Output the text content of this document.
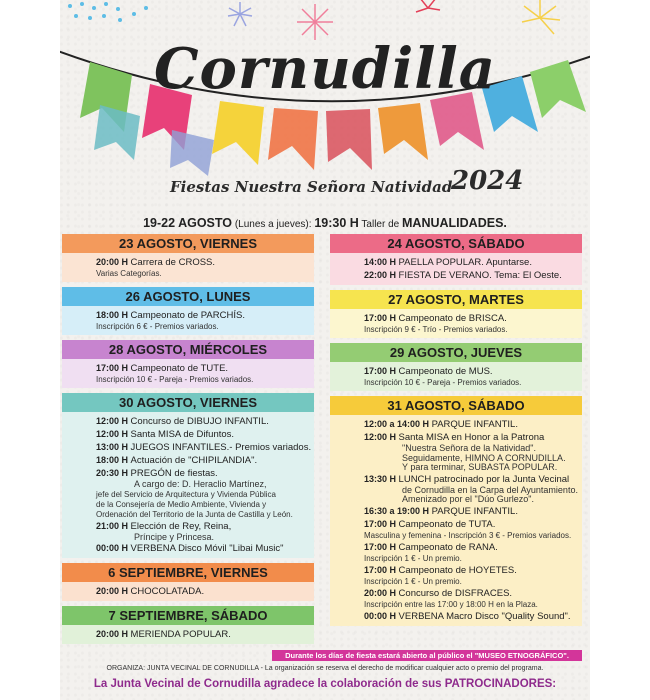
Cornudilla
Fiestas Nuestra Señora Natividad
2024
19-22 AGOSTO (Lunes a jueves): 19:30 H Taller de MANUALIDADES.
23 AGOSTO, VIERNES
20:00 H Carrera de CROSS.
Varias Categorías.
26 AGOSTO, LUNES
18:00 H Campeonato de PARCHÍS.
Inscripción 6 € - Premios variados.
28 AGOSTO, MIÉRCOLES
17:00 H Campeonato de TUTE.
Inscripción 10 € - Pareja - Premios variados.
30 AGOSTO, VIERNES
12:00 H Concurso de DIBUJO INFANTIL.
12:00 H Santa MISA de Difuntos.
13:00 H JUEGOS INFANTILES.- Premios variados.
18:00 H Actuación de "CHIPILANDIA".
20:30 H PREGÓN de fiestas.
A cargo de: D. Heraclio Martínez,
jefe del Servicio de Arquitectura y Vivienda Pública
de la Consejería de Medio Ambiente, Vivienda y
Ordenación del Territorio de la Junta de Castilla y León.
21:00 H Elección de Rey, Reina,
Príncipe y Princesa.
00:00 H VERBENA Disco Móvil "Libai Music"
6 SEPTIEMBRE, VIERNES
20:00 H CHOCOLATADA.
7 SEPTIEMBRE, SÁBADO
20:00 H MERIENDA POPULAR.
24 AGOSTO, SÁBADO
14:00 H PAELLA POPULAR. Apuntarse.
22:00 H FIESTA DE VERANO. Tema: El Oeste.
27 AGOSTO, MARTES
17:00 H Campeonato de BRISCA.
Inscripción 9 € - Trío - Premios variados.
29 AGOSTO, JUEVES
17:00 H Campeonato de MUS.
Inscripción 10 € - Pareja - Premios variados.
31 AGOSTO, SÁBADO
12:00 a 14:00 H PARQUE INFANTIL.
12:00 H Santa MISA en Honor a la Patrona
"Nuestra Señora de la Natividad".
Seguidamente, HIMNO A CORNUDILLA.
Y para terminar, SUBASTA POPULAR.
13:30 H LUNCH patrocinado por la Junta Vecinal
de Cornudilla en la Carpa del Ayuntamiento.
Amenizado por el "Dúo Gurlezo".
16:30 a 19:00 H PARQUE INFANTIL.
17:00 H Campeonato de TUTA.
Masculina y femenina - Inscripción 3 € - Premios variados.
17:00 H Campeonato de RANA.
Inscripción 1 € - Un premio.
17:00 H Campeonato de HOYETES.
Inscripción 1 € - Un premio.
20:00 H Concurso de DISFRACES.
Inscripción entre las 17:00 y 18:00 H en la Plaza.
00:00 H VERBENA Macro Disco "Quality Sound".
Durante los días de fiesta estará abierto al público el "MUSEO ETNOGRÁFICO".
ORGANIZA: JUNTA VECINAL DE CORNUDILLA - La organización se reserva el derecho de modificar cualquier acto o premio del programa.
La Junta Vecinal de Cornudilla agradece la colaboración de sus PATROCINADORES:
